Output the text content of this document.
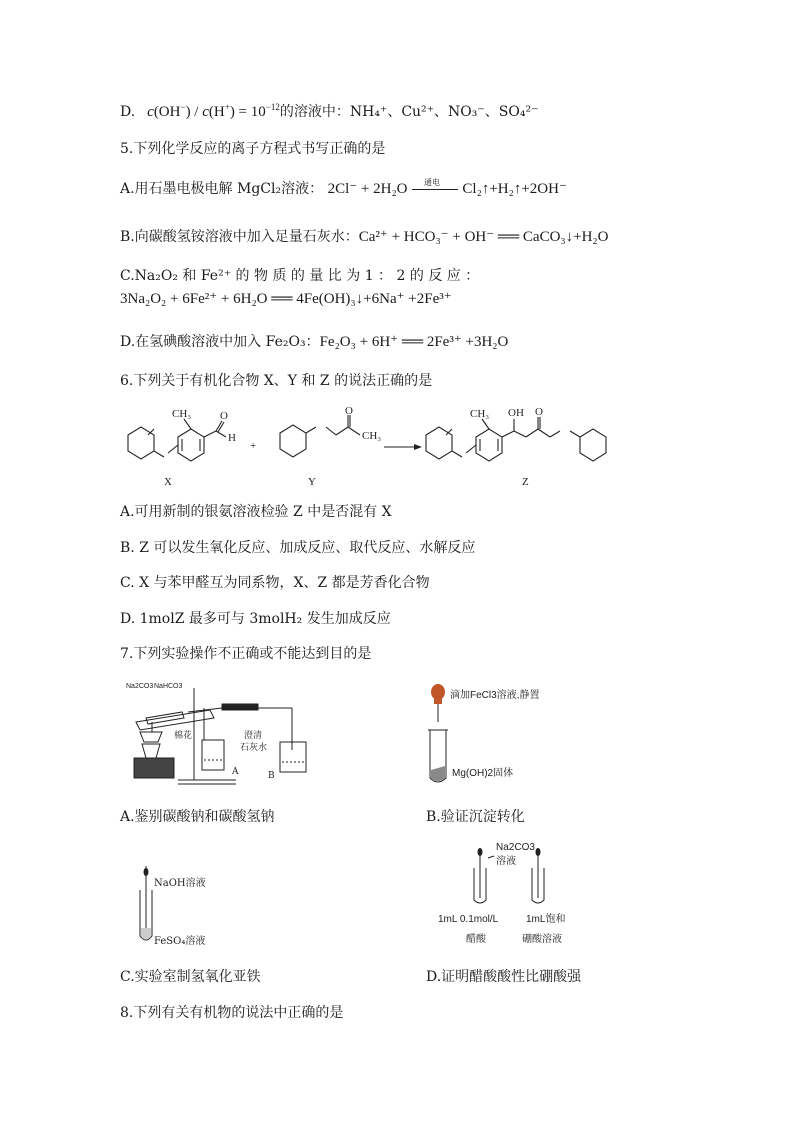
D. $c(OH^-) / c(H^+) = 10^{-12}$的溶液中：NH₄⁺、Cu²⁺、NO₃⁻、SO₄²⁻
5.下列化学反应的离子方程式书写正确的是
A.用石墨电极电解 MgCl₂溶液： 2Cl⁻ + 2H₂O 通电 Cl₂↑+H₂↑+2OH⁻
B.向碳酸氢铵溶液中加入足量石灰水：Ca²⁺ + HCO₃⁻ + OH⁻ ══ CaCO₃↓+H₂O
C.Na₂O₂ 和 Fe²⁺ 的 物 质 的 量 比 为 1 ： 2 的 反 应 ：
3Na₂O₂ + 6Fe²⁺ + 6H₂O ══ 4Fe(OH)₃↓+6Na⁺ +2Fe³⁺
D.在氢碘酸溶液中加入 Fe₂O₃：Fe₂O₃ + 6H⁺ ══ 2Fe³⁺ +3H₂O
6.下列关于有机化合物 X、Y 和 Z 的说法正确的是
CH₃	O
H
+
O
CH₃
CH₃ OH O
X	Y	Z
A.可用新制的银氨溶液检验 Z 中是否混有 X
B. Z 可以发生氧化反应、加成反应、取代反应、水解反应
C. X 与苯甲醛互为同系物，X、Z 都是芳香化合物
D. 1molZ 最多可与 3molH₂ 发生加成反应
7.下列实验操作不正确或不能达到目的是
Na2CO3 NaHCO3
棉花	澄清
石灰水
A	B
滴加FeCl3溶液,静置
Mg(OH)2固体
A.鉴别碳酸钠和碳酸氢钠	B.验证沉淀转化
NaOH溶液
FeSO₄溶液
Na2CO3
溶液
1mL 0.1mol/L
醋酸
1mL饱和
硼酸溶液
C.实验室制氢氧化亚铁	D.证明醋酸酸性比硼酸强
8.下列有关有机物的说法中正确的是
